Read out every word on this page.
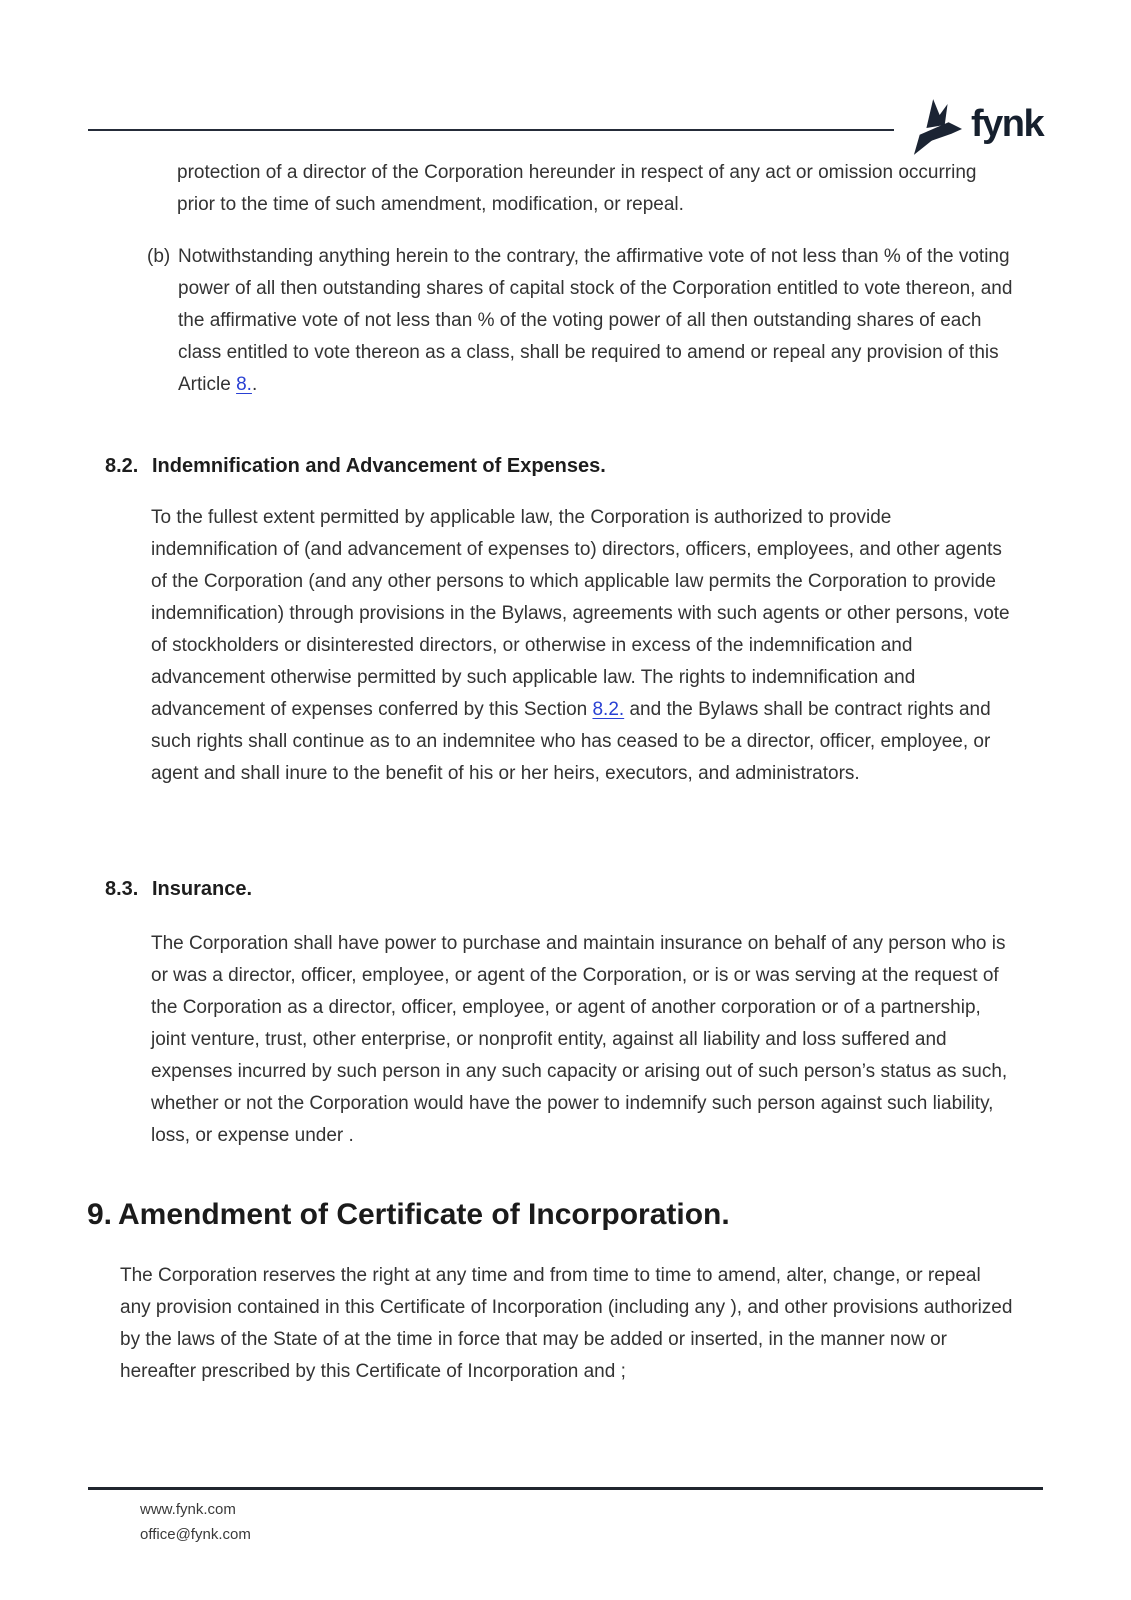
fynk

protection of a director of the Corporation hereunder in respect of any act or omission occurring prior to the time of such amendment, modification, or repeal.

(b) Notwithstanding anything herein to the contrary, the affirmative vote of not less than % of the voting power of all then outstanding shares of capital stock of the Corporation entitled to vote thereon, and the affirmative vote of not less than % of the voting power of all then outstanding shares of each class entitled to vote thereon as a class, shall be required to amend or repeal any provision of this Article 8..

8.2. Indemnification and Advancement of Expenses.

To the fullest extent permitted by applicable law, the Corporation is authorized to provide indemnification of (and advancement of expenses to) directors, officers, employees, and other agents of the Corporation (and any other persons to which applicable law permits the Corporation to provide indemnification) through provisions in the Bylaws, agreements with such agents or other persons, vote of stockholders or disinterested directors, or otherwise in excess of the indemnification and advancement otherwise permitted by such applicable law. The rights to indemnification and advancement of expenses conferred by this Section 8.2. and the Bylaws shall be contract rights and such rights shall continue as to an indemnitee who has ceased to be a director, officer, employee, or agent and shall inure to the benefit of his or her heirs, executors, and administrators.

8.3. Insurance.

The Corporation shall have power to purchase and maintain insurance on behalf of any person who is or was a director, officer, employee, or agent of the Corporation, or is or was serving at the request of the Corporation as a director, officer, employee, or agent of another corporation or of a partnership, joint venture, trust, other enterprise, or nonprofit entity, against all liability and loss suffered and expenses incurred by such person in any such capacity or arising out of such person’s status as such, whether or not the Corporation would have the power to indemnify such person against such liability, loss, or expense under .

9. Amendment of Certificate of Incorporation.

The Corporation reserves the right at any time and from time to time to amend, alter, change, or repeal any provision contained in this Certificate of Incorporation (including any ), and other provisions authorized by the laws of the State of at the time in force that may be added or inserted, in the manner now or hereafter prescribed by this Certificate of Incorporation and ;

www.fynk.com
office@fynk.com
